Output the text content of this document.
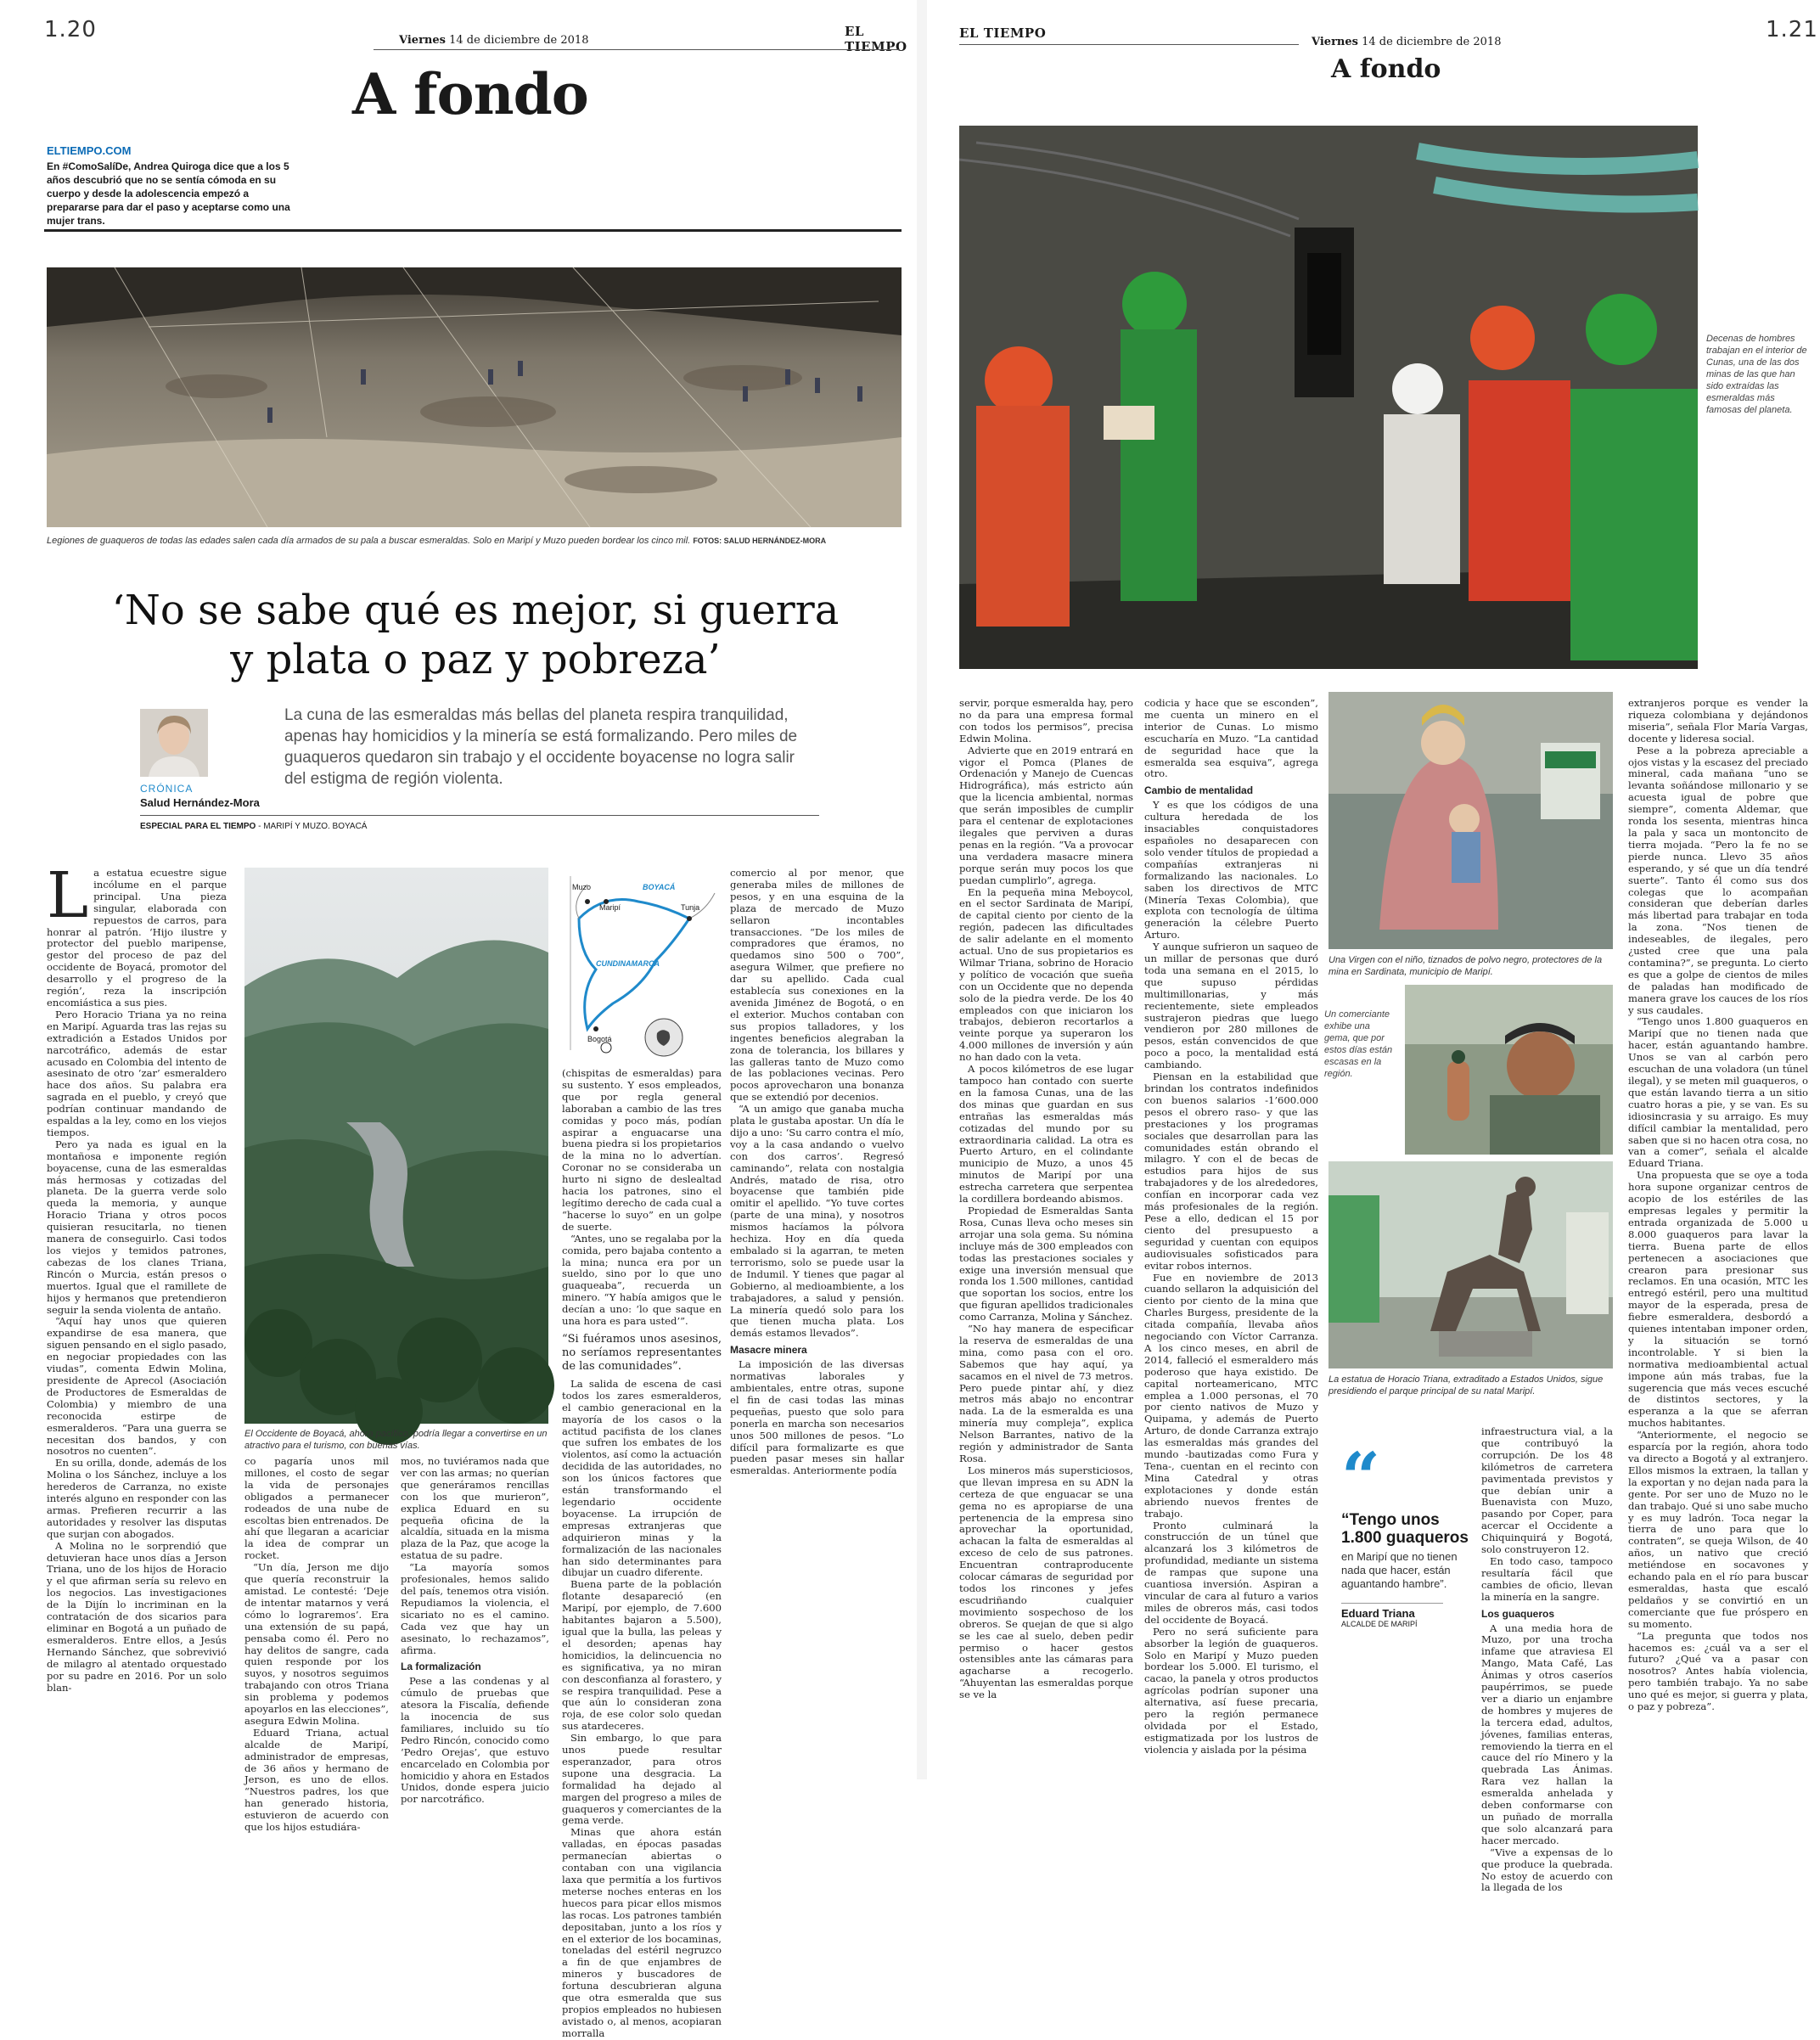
1.20	Viernes 14 de diciembre de 2018
EL TIEMPO
A fondo
ELTIEMPO.COM
En #ComoSalíDe, Andrea Quiroga dice que a los 5 años descubrió que no se sentía cómoda en su cuerpo y desde la adolescencia empezó a prepararse para dar el paso y aceptarse como una mujer trans.
Legiones de guaqueros de todas las edades salen cada día armados de su pala a buscar esmeraldas. Solo en Maripí y Muzo pueden bordear los cinco mil. FOTOS: SALUD HERNÁNDEZ-MORA
‘No se sabe qué es mejor, si guerra y plata o paz y pobreza’
CRÓNICA
Salud Hernández-Mora
La cuna de las esmeraldas más bellas del planeta respira tranquilidad, apenas hay homicidios y la minería se está formalizando. Pero miles de guaqueros quedaron sin trabajo y el occidente boyacense no logra salir del estigma de región violenta.
ESPECIAL PARA EL TIEMPO - MARIPÍ Y MUZO. BOYACÁ
El Occidente de Boyacá, ahora pacífico, podría llegar a convertirse en un atractivo para el turismo, con buenas vías.
Muzo
Maripí	Tunja
BOYACÁ
CUNDINAMARCA
Bogotá
L a estatua ecuestre sigue incólume en el parque principal. Una pieza singular, elaborada con repuestos de carros, para honrar al patrón. ‘Hijo ilustre y protector del pueblo maripense, gestor del proceso de paz del occidente de Boyacá, promotor del desarrollo y el progreso de la región’, reza la inscripción encomiástica a sus pies.

Pero Horacio Triana ya no reina en Maripí. Aguarda tras las rejas su extradición a Estados Unidos por narcotráfico, además de estar acusado en Colombia del intento de asesinato de otro ‘zar’ esmeraldero hace dos años. Su palabra era sagrada en el pueblo, y creyó que podrían continuar mandando de espaldas a la ley, como en los viejos tiempos.

Pero ya nada es igual en la montañosa e imponente región boyacense, cuna de las esmeraldas más hermosas y cotizadas del planeta. De la guerra verde solo queda la memoria, y aunque Horacio Triana y otros pocos quisieran resucitarla, no tienen manera de conseguirlo. Casi todos los viejos y temidos patrones, cabezas de los clanes Triana, Rincón o Murcia, están presos o muertos. Igual que el ramillete de hijos y hermanos que pretendieron seguir la senda violenta de antaño.

“Aquí hay unos que quieren expandirse de esa manera, que siguen pensando en el siglo pasado, en negociar propiedades con las viudas”, comenta Edwin Molina, presidente de Aprecol (Asociación de Productores de Esmeraldas de Colombia) y miembro de una reconocida estirpe de esmeralderos. “Para una guerra se necesitan dos bandos, y con nosotros no cuenten”.

En su orilla, donde, además de los Molina o los Sánchez, incluye a los herederos de Carranza, no existe interés alguno en responder con las armas. Prefieren recurrir a las autoridades y resolver las disputas que surjan con abogados.

A Molina no le sorprendió que detuvieran hace unos días a Jerson Triana, uno de los hijos de Horacio y el que afirman sería su relevo en los negocios. Las investigaciones de la Dijín lo incriminan en la contratación de dos sicarios para eliminar en Bogotá a un puñado de esmeralderos. Entre ellos, a Jesús Hernando Sánchez, que sobrevivió de milagro al atentado orquestado por su padre en 2016. Por un solo blan-

co pagaría unos mil millones, el costo de segar la vida de personajes obligados a permanecer rodeados de una nube de escoltas bien entrenados. De ahí que llegaran a acariciar la idea de comprar un rocket.

“Un día, Jerson me dijo que quería reconstruir la amistad. Le contesté: ‘Deje de intentar matarnos y verá cómo lo lograremos’. Era una extensión de su papá, pensaba como él. Pero no hay delitos de sangre, cada quien responde por los suyos, y nosotros seguimos trabajando con otros Triana sin problema y podemos apoyarlos en las elecciones”, asegura Edwin Molina.

Eduard Triana, actual alcalde de Maripí, administrador de empresas, de 36 años y hermano de Jerson, es uno de ellos. “Nuestros padres, los que han generado historia, estuvieron de acuerdo con que los hijos estudiára-

mos, no tuviéramos nada que ver con las armas; no querían que generáramos rencillas con los que murieron”, explica Eduard en su pequeña oficina de la alcaldía, situada en la misma plaza de la Paz, que acoge la estatua de su padre.

“La mayoría somos profesionales, hemos salido del país, tenemos otra visión. Repudiamos la violencia, el sicariato no es el camino. Cada vez que hay un asesinato, lo rechazamos”, afirma.

La formalización

Pese a las condenas y al cúmulo de pruebas que atesora la Fiscalía, defiende la inocencia de sus familiares, incluido su tío Pedro Rincón, conocido como ‘Pedro Orejas’, que estuvo encarcelado en Colombia por homicidio y ahora en Estados Unidos, donde espera juicio por narcotráfico.

(chispitas de esmeraldas) para su sustento. Y esos empleados, que por regla general laboraban a cambio de las tres comidas y poco más, podían aspirar a enguacarse una buena piedra si los propietarios de la mina no lo advertían. Coronar no se consideraba un hurto ni signo de deslealtad hacia los patrones, sino el legítimo derecho de cada cual a “hacerse lo suyo” en un golpe de suerte.

“Antes, uno se regalaba por la comida, pero bajaba contento a la mina; nunca era por un sueldo, sino por lo que uno guaqueaba”, recuerda un minero. “Y había amigos que le decían a uno: ‘lo que saque en una hora es para usted’”.

“Si fuéramos unos asesinos, no seríamos representantes de las comunidades”.

La salida de escena de casi todos los zares esmeralderos, el cambio generacional en la mayoría de los casos o la actitud pacifista de los clanes que sufren los embates de los violentos, así como la actuación decidida de las autoridades, no son los únicos factores que están transformando el legendario occidente boyacense. La irrupción de empresas extranjeras que adquirieron minas y la formalización de las nacionales han sido determinantes para dibujar un cuadro diferente.

Buena parte de la población flotante desapareció (en Maripí, por ejemplo, de 7.600 habitantes bajaron a 5.500), igual que la bulla, las peleas y el desorden; apenas hay homicidios, la delincuencia no es significativa, ya no miran con desconfianza al forastero, y se respira tranquilidad. Pese a que aún lo consideran zona roja, de ese color solo quedan sus atardeceres.

Sin embargo, lo que para unos puede resultar esperanzador, para otros supone una desgracia. La formalidad ha dejado al margen del progreso a miles de guaqueros y comerciantes de la gema verde.

Minas que ahora están valladas, en épocas pasadas permanecían abiertas o contaban con una vigilancia laxa que permitía a los furtivos meterse noches enteras en los huecos para picar ellos mismos las rocas. Los patrones también depositaban, junto a los ríos y en el exterior de los bocaminas, toneladas del estéril negruzco a fin de que enjambres de mineros y buscadores de fortuna descubrieran alguna que otra esmeralda que sus propios empleados no hubiesen avistado o, al menos, acopiaran morralla

comercio al por menor, que generaba miles de millones de pesos, y en una esquina de la plaza de mercado de Muzo sellaron incontables transacciones. “De los miles de compradores que éramos, no quedamos sino 500 o 700”, asegura Wilmer, que prefiere no dar su apellido. Cada cual establecía sus conexiones en la avenida Jiménez de Bogotá, o en el exterior. Muchos contaban con sus propios talladores, y los ingentes beneficios alegraban la zona de tolerancia, los billares y las galleras tanto de Muzo como de las poblaciones vecinas. Pero pocos aprovecharon una bonanza que se extendió por decenios.

“A un amigo que ganaba mucha plata le gustaba apostar. Un día le dijo a uno: ‘Su carro contra el mío, voy a la casa andando o vuelvo con dos carros’. Regresó caminando”, relata con nostalgia Andrés, matado de risa, otro boyacense que también pide omitir el apellido. “Yo tuve cortes (parte de una mina), y nosotros mismos hacíamos la pólvora hechiza. Hoy en día queda embalado si la agarran, te meten terrorismo, solo se puede usar la de Indumil. Y tienes que pagar al Gobierno, al medioambiente, a los trabajadores, a salud y pensión. La minería quedó solo para los que tienen mucha plata. Los demás estamos llevados”.

Masacre minera

La imposición de las diversas normativas laborales y ambientales, entre otras, supone el fin de casi todas las minas pequeñas, puesto que solo para ponerla en marcha son necesarios unos 500 millones de pesos. “Lo difícil para formalizarte es que pueden pasar meses sin hallar esmeraldas. Anteriormente podía

EL TIEMPO
Viernes 14 de diciembre de 2018	1.21
A fondo
Decenas de hombres trabajan en el interior de Cunas, una de las dos minas de las que han sido extraídas las esmeraldas más famosas del planeta.
Una Virgen con el niño, tiznados de polvo negro, protectores de la mina en Sardinata, municipio de Maripí.
Un comerciante exhibe una gema, que por estos días están escasas en la región.
La estatua de Horacio Triana, extraditado a Estados Unidos, sigue presidiendo el parque principal de su natal Maripí.
“
“Tengo unos 1.800 guaqueros
en Maripí que no tienen nada que hacer, están aguantando hambre”.
Eduard Triana
ALCALDE DE MARIPÍ

servir, porque esmeralda hay, pero no da para una empresa formal con todos los permisos”, precisa Edwin Molina.

Advierte que en 2019 entrará en vigor el Pomca (Planes de Ordenación y Manejo de Cuencas Hidrográfica), más estricto aún que la licencia ambiental, normas que serán imposibles de cumplir para el centenar de explotaciones ilegales que perviven a duras penas en la región. “Va a provocar una verdadera masacre minera porque serán muy pocos los que puedan cumplirlo”, agrega.

En la pequeña mina Meboycol, en el sector Sardinata de Maripí, de capital ciento por ciento de la región, padecen las dificultades de salir adelante en el momento actual. Uno de sus propietarios es Wilmar Triana, sobrino de Horacio y político de vocación que sueña con un Occidente que no dependa solo de la piedra verde. De los 40 empleados con que iniciaron los trabajos, debieron recortarlos a veinte porque ya superaron los 4.000 millones de inversión y aún no han dado con la veta.

A pocos kilómetros de ese lugar tampoco han contado con suerte en la famosa Cunas, una de las dos minas que guardan en sus entrañas las esmeraldas más cotizadas del mundo por su extraordinaria calidad. La otra es Puerto Arturo, en el colindante municipio de Muzo, a unos 45 minutos de Maripí por una estrecha carretera que serpentea la cordillera bordeando abismos.

Propiedad de Esmeraldas Santa Rosa, Cunas lleva ocho meses sin arrojar una sola gema. Su nómina incluye más de 300 empleados con todas las prestaciones sociales y exige una inversión mensual que ronda los 1.500 millones, cantidad que soportan los socios, entre los que figuran apellidos tradicionales como Carranza, Molina y Sánchez.

“No hay manera de especificar la reserva de esmeraldas de una mina, como pasa con el oro. Sabemos que hay aquí, ya sacamos en el nivel de 73 metros. Pero puede pintar ahí, y diez metros más abajo no encontrar nada. La de la esmeralda es una minería muy compleja”, explica Nelson Barrantes, nativo de la región y administrador de Santa Rosa.

Los mineros más supersticiosos, que llevan impresa en su ADN la certeza de que enguacar se una gema no es apropiarse de una pertenencia de la empresa sino aprovechar la oportunidad, achacan la falta de esmeraldas al exceso de celo de sus patrones. Encuentran contraproducente colocar cámaras de seguridad por todos los rincones y jefes escudriñando cualquier movimiento sospechoso de los obreros. Se quejan de que si algo se les cae al suelo, deben pedir permiso o hacer gestos ostensibles ante las cámaras para agacharse a recogerlo. “Ahuyentan las esmeraldas porque se ve la

codicia y hace que se esconden”, me cuenta un minero en el interior de Cunas. Lo mismo escucharía en Muzo. “La cantidad de seguridad hace que la esmeralda sea esquiva”, agrega otro.

Cambio de mentalidad

Y es que los códigos de una cultura heredada de los insaciables conquistadores españoles no desaparecen con solo vender títulos de propiedad a compañías extranjeras ni formalizando las nacionales. Lo saben los directivos de MTC (Minería Texas Colombia), que explota con tecnología de última generación la célebre Puerto Arturo.

Y aunque sufrieron un saqueo de un millar de personas que duró toda una semana en el 2015, lo que supuso pérdidas multimillonarias, y más recientemente, siete empleados sustrajeron piedras que luego vendieron por 280 millones de pesos, están convencidos de que poco a poco, la mentalidad está cambiando.

Piensan en la estabilidad que brindan los contratos indefinidos con buenos salarios -1’600.000 pesos el obrero raso- y que las prestaciones y los programas sociales que desarrollan para las comunidades están obrando el milagro. Y con el de becas de estudios para hijos de sus trabajadores y de los alrededores, confían en incorporar cada vez más profesionales de la región. Pese a ello, dedican el 15 por ciento del presupuesto a seguridad y cuentan con equipos audiovisuales sofisticados para evitar robos internos.

Fue en noviembre de 2013 cuando sellaron la adquisición del ciento por ciento de la mina que Charles Burgess, presidente de la citada compañía, llevaba años negociando con Víctor Carranza. A los cinco meses, en abril de 2014, falleció el esmeraldero más poderoso que haya existido. De capital norteamericano, MTC emplea a 1.000 personas, el 70 por ciento nativos de Muzo y Quipama, y además de Puerto Arturo, de donde Carranza extrajo las esmeraldas más grandes del mundo -bautizadas como Fura y Tena-, cuentan en el recinto con Mina Catedral y otras explotaciones y donde están abriendo nuevos frentes de trabajo.

Pronto culminará la construcción de un túnel que alcanzará los 3 kilómetros de profundidad, mediante un sistema de rampas que supone una cuantiosa inversión. Aspiran a vincular de cara al futuro a varios miles de obreros más, casi todos del occidente de Boyacá.

Pero no será suficiente para absorber la legión de guaqueros. Solo en Maripí y Muzo pueden bordear los 5.000. El turismo, el cacao, la panela y otros productos agrícolas podrían suponer una alternativa, así fuese precaria, pero la región permanece olvidada por el Estado, estigmatizada por los lustros de violencia y aislada por la pésima

infraestructura vial, a la que contribuyó la corrupción. De los 48 kilómetros de carretera pavimentada previstos y que debían unir a Buenavista con Muzo, pasando por Coper, para acercar el Occidente a Chiquinquirá y Bogotá, solo construyeron 12.

En todo caso, tampoco resultaría fácil que cambies de oficio, llevan la minería en la sangre.

Los guaqueros

A una media hora de Muzo, por una trocha infame que atraviesa El Mango, Mata Café, Las Ánimas y otros caseríos paupérrimos, se puede ver a diario un enjambre de hombres y mujeres de la tercera edad, adultos, jóvenes, familias enteras, removiendo la tierra en el cauce del río Minero y la quebrada Las Ánimas. Rara vez hallan la esmeralda anhelada y deben conformarse con un puñado de morralla que solo alcanzará para hacer mercado.

“Vive a expensas de lo que produce la quebrada. No estoy de acuerdo con la llegada de los

extranjeros porque es vender la riqueza colombiana y dejándonos miseria”, señala Flor María Vargas, docente y lideresa social.

Pese a la pobreza apreciable a ojos vistas y la escasez del preciado mineral, cada mañana “uno se levanta soñándose millonario y se acuesta igual de pobre que siempre”, comenta Aldemar, que ronda los sesenta, mientras hinca la pala y saca un montoncito de tierra mojada. “Pero la fe no se pierde nunca. Llevo 35 años esperando, y sé que un día tendré suerte”. Tanto él como sus dos colegas que lo acompañan consideran que deberían darles más libertad para trabajar en toda la zona. “Nos tienen de indeseables, de ilegales, pero ¿usted cree que una pala contamina?”, se pregunta. Lo cierto es que a golpe de cientos de miles de paladas han modificado de manera grave los cauces de los ríos y sus caudales.

“Tengo unos 1.800 guaqueros en Maripí que no tienen nada que hacer, están aguantando hambre. Unos se van al carbón pero escuchan de una voladora (un túnel ilegal), y se meten mil guaqueros, o que están lavando tierra a un sitio cuatro horas a pie, y se van. Es su idiosincrasia y su arraigo. Es muy difícil cambiar la mentalidad, pero saben que si no hacen otra cosa, no van a comer”, señala el alcalde Eduard Triana.

Una propuesta que se oye a toda hora supone organizar centros de acopio de los estériles de las empresas legales y permitir la entrada organizada de 5.000 u 8.000 guaqueros para lavar la tierra. Buena parte de ellos pertenecen a asociaciones que crearon para presionar sus reclamos. En una ocasión, MTC les entregó estéril, pero una multitud mayor de la esperada, presa de fiebre esmeraldera, desbordó a quienes intentaban imponer orden, y la situación se tornó incontrolable. Y si bien la normativa medioambiental actual impone aún más trabas, fue la sugerencia que más veces escuché de distintos sectores, y la esperanza a la que se aferran muchos habitantes.

“Anteriormente, el negocio se esparcía por la región, ahora todo va directo a Bogotá y al extranjero. Ellos mismos la extraen, la tallan y la exportan y no dejan nada para la gente. Por ser uno de Muzo no le dan trabajo. Qué si uno sabe mucho y es muy ladrón. Toca negar la tierra de uno para que lo contraten”, se queja Wilson, de 40 años, un nativo que creció metiéndose en socavones y echando pala en el río para buscar esmeraldas, hasta que escaló peldaños y se convirtió en un comerciante que fue próspero en su momento.

“La pregunta que todos nos hacemos es: ¿cuál va a ser el futuro? ¿Qué va a pasar con nosotros? Antes había violencia, pero también trabajo. Ya no sabe uno qué es mejor, si guerra y plata, o paz y pobreza”.
